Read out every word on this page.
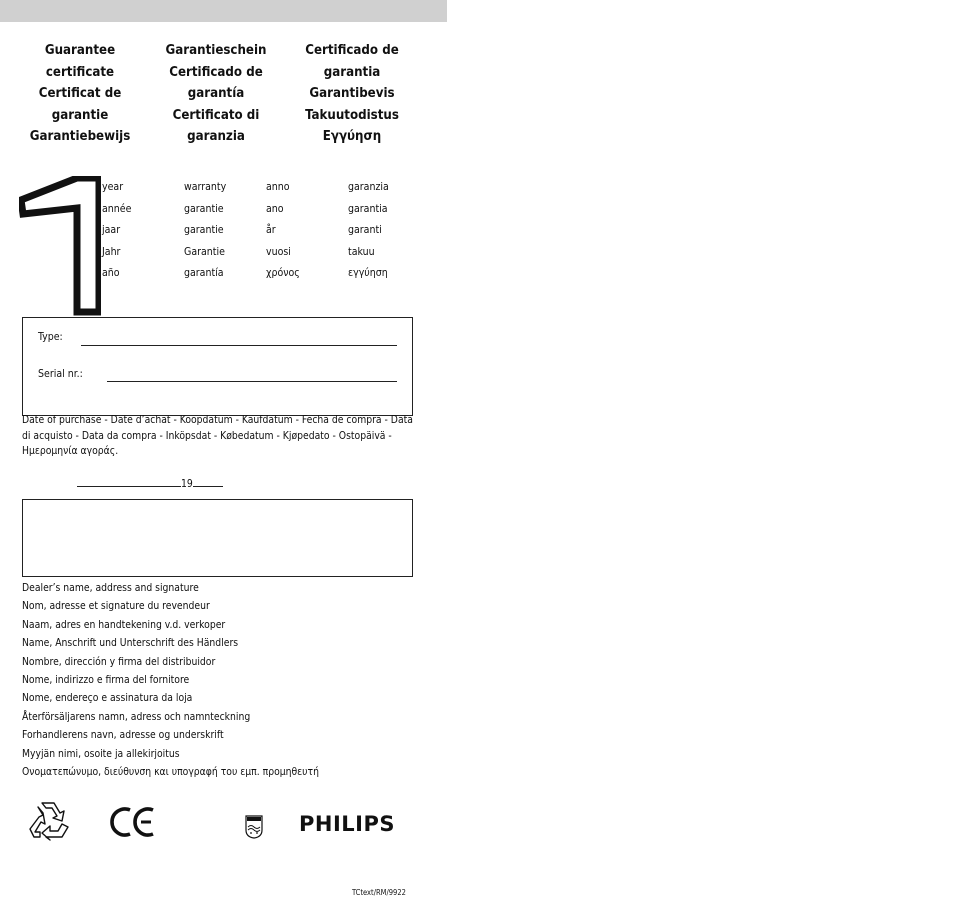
Guarantee
certificate
Certificat de
garantie
Garantiebewijs
Garantieschein
Certificado de
garantía
Certificato di
garanzia
Certificado de
garantia
Garantibevis
Takuutodistus
Εγγύηση
year
année
jaar
Jahr
año
warranty
garantie
garantie
Garantie
garantía
anno
ano
år
vuosi
χρόνος
garanzia
garantia
garanti
takuu
εγγύηση
Type:
Serial nr.:
Date of purchase - Date d’achat - Koopdatum - Kaufdatum - Fecha de compra - Data di acquisto - Data da compra - Inköpsdat - Købedatum - Kjøpedato - Ostopäivä - Ημερομηνία αγοράς.
19
Dealer’s name, address and signature
Nom, adresse et signature du revendeur
Naam, adres en handtekening v.d. verkoper
Name, Anschrift und Unterschrift des Händlers
Nombre, dirección y firma del distribuidor
Nome, indirizzo e firma del fornitore
Nome, endereço e assinatura da loja
Återförsäljarens namn, adress och namnteckning
Forhandlerens navn, adresse og underskrift
Myyjän nimi, osoite ja allekirjoitus
Ονοματεπώνυμο, διεύθυνση και υπογραφή του εμπ. προμηθευτή
PHILIPS
TCtext/RM/9922
